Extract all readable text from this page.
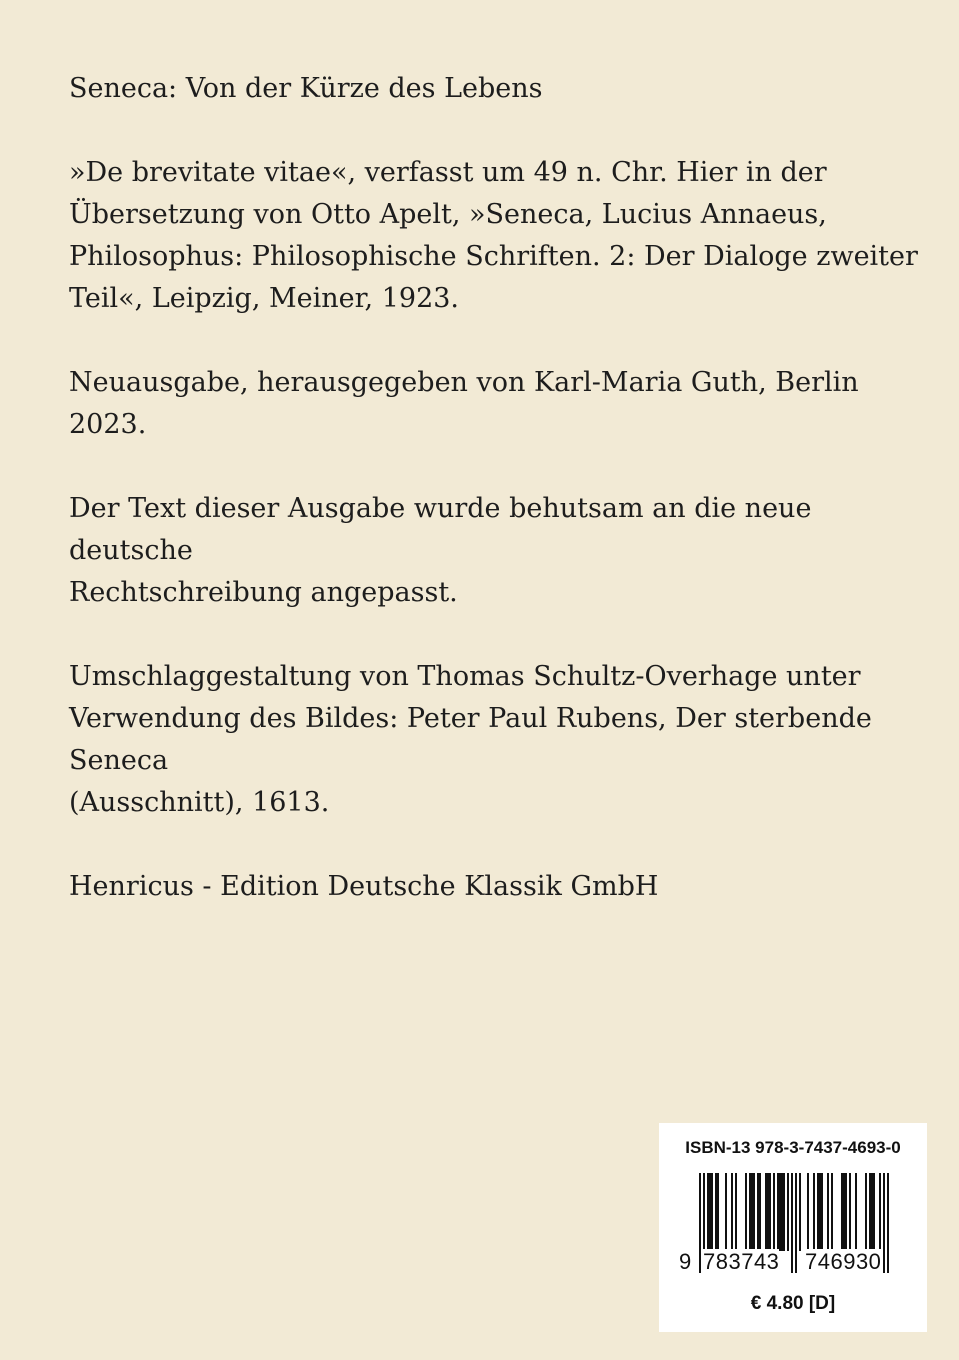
Seneca: Von der Kürze des Lebens

»De brevitate vitae«, verfasst um 49 n. Chr. Hier in der
Übersetzung von Otto Apelt, »Seneca, Lucius Annaeus,
Philosophus: Philosophische Schriften. 2: Der Dialoge zweiter
Teil«, Leipzig, Meiner, 1923.

Neuausgabe, herausgegeben von Karl-Maria Guth, Berlin 2023.

Der Text dieser Ausgabe wurde behutsam an die neue deutsche
Rechtschreibung angepasst.

Umschlaggestaltung von Thomas Schultz-Overhage unter
Verwendung des Bildes: Peter Paul Rubens, Der sterbende Seneca
(Ausschnitt), 1613.

Henricus - Edition Deutsche Klassik GmbH

ISBN-13 978-3-7437-4693-0
9 783743 746930
€ 4.80 [D]
